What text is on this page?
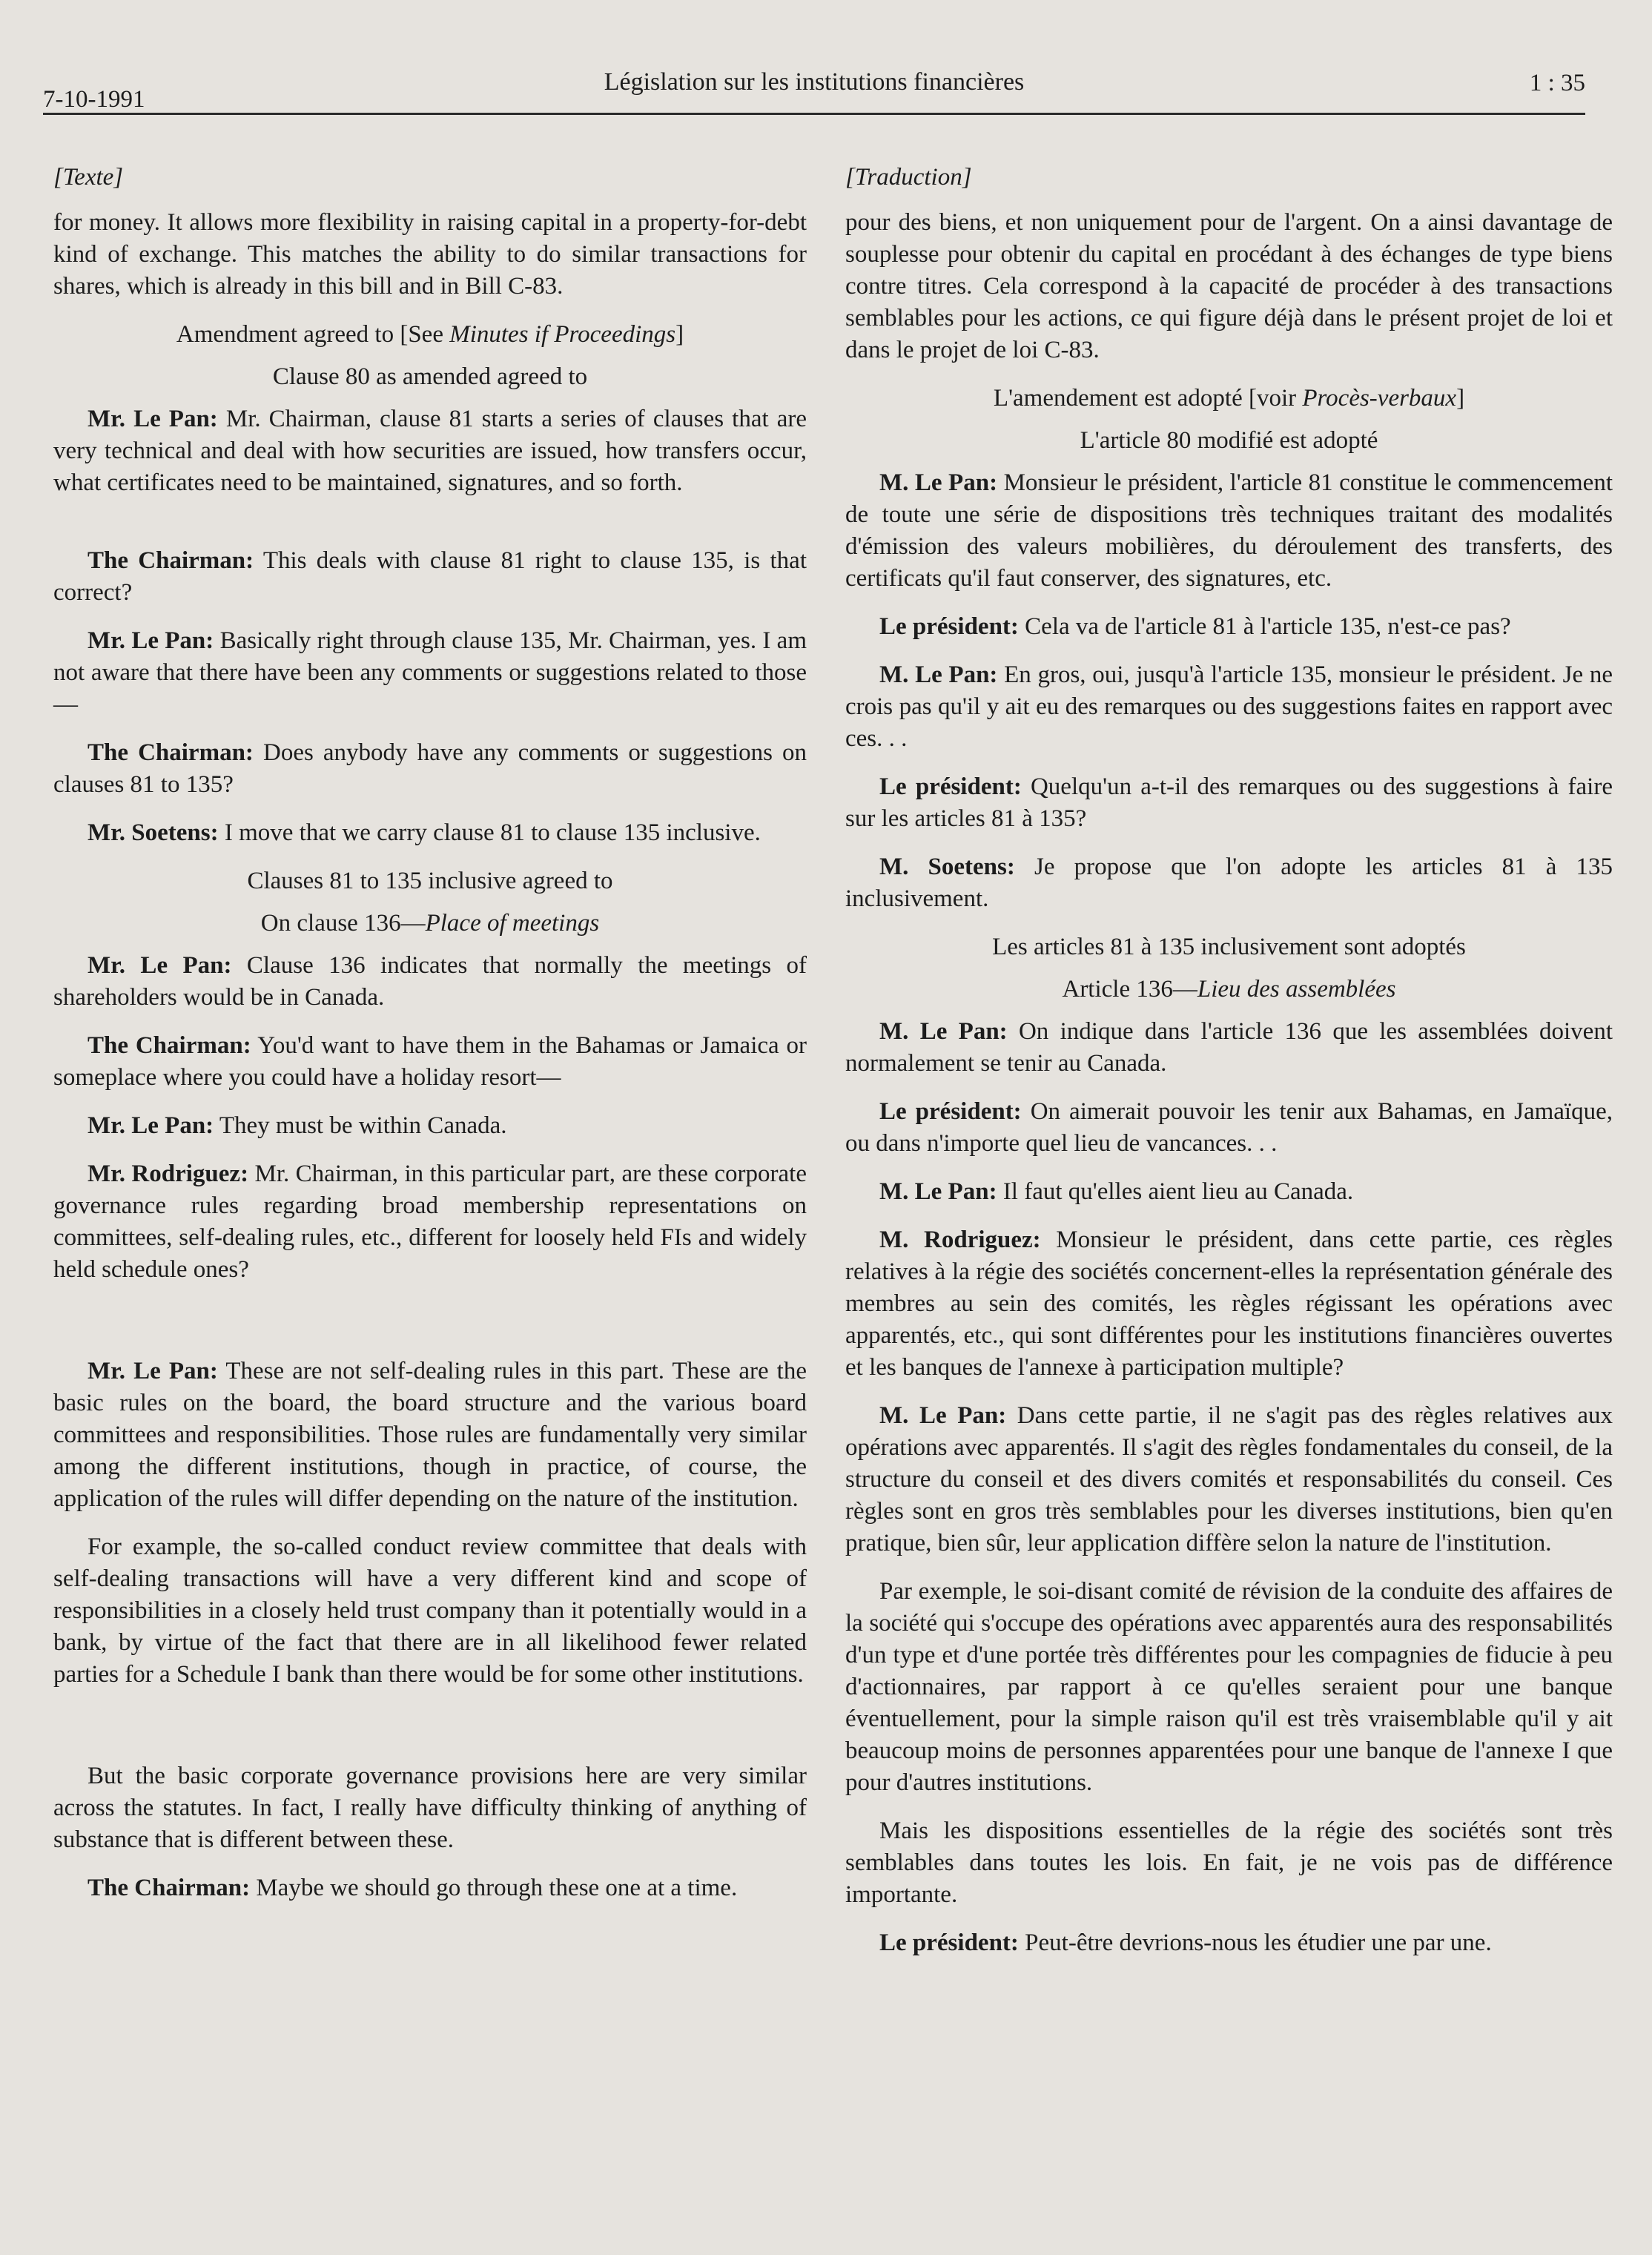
7-10-1991
Législation sur les institutions financières	1 : 35
[Texte]

for money. It allows more flexibility in raising capital in a property-for-debt kind of exchange. This matches the ability to do similar transactions for shares, which is already in this bill and in Bill C-83.

Amendment agreed to [See Minutes if Proceedings]
Clause 80 as amended agreed to

Mr. Le Pan: Mr. Chairman, clause 81 starts a series of clauses that are very technical and deal with how securities are issued, how transfers occur, what certificates need to be maintained, signatures, and so forth.

The Chairman: This deals with clause 81 right to clause 135, is that correct?

Mr. Le Pan: Basically right through clause 135, Mr. Chairman, yes. I am not aware that there have been any comments or suggestions related to those—

The Chairman: Does anybody have any comments or suggestions on clauses 81 to 135?

Mr. Soetens: I move that we carry clause 81 to clause 135 inclusive.

Clauses 81 to 135 inclusive agreed to
On clause 136—Place of meetings

Mr. Le Pan: Clause 136 indicates that normally the meetings of shareholders would be in Canada.

The Chairman: You'd want to have them in the Bahamas or Jamaica or someplace where you could have a holiday resort—

Mr. Le Pan: They must be within Canada.

Mr. Rodriguez: Mr. Chairman, in this particular part, are these corporate governance rules regarding broad membership representations on committees, self-dealing rules, etc., different for loosely held FIs and widely held schedule ones?

Mr. Le Pan: These are not self-dealing rules in this part. These are the basic rules on the board, the board structure and the various board committees and responsibilities. Those rules are fundamentally very similar among the different institutions, though in practice, of course, the application of the rules will differ depending on the nature of the institution.

For example, the so-called conduct review committee that deals with self-dealing transactions will have a very different kind and scope of responsibilities in a closely held trust company than it potentially would in a bank, by virtue of the fact that there are in all likelihood fewer related parties for a Schedule I bank than there would be for some other institutions.

But the basic corporate governance provisions here are very similar across the statutes. In fact, I really have difficulty thinking of anything of substance that is different between these.

The Chairman: Maybe we should go through these one at a time.

[Traduction]

pour des biens, et non uniquement pour de l'argent. On a ainsi davantage de souplesse pour obtenir du capital en procédant à des échanges de type biens contre titres. Cela correspond à la capacité de procéder à des transactions semblables pour les actions, ce qui figure déjà dans le présent projet de loi et dans le projet de loi C-83.

L'amendement est adopté [voir Procès-verbaux]
L'article 80 modifié est adopté

M. Le Pan: Monsieur le président, l'article 81 constitue le commencement de toute une série de dispositions très techniques traitant des modalités d'émission des valeurs mobilières, du déroulement des transferts, des certificats qu'il faut conserver, des signatures, etc.

Le président: Cela va de l'article 81 à l'article 135, n'est-ce pas?

M. Le Pan: En gros, oui, jusqu'à l'article 135, monsieur le président. Je ne crois pas qu'il y ait eu des remarques ou des suggestions faites en rapport avec ces. . .

Le président: Quelqu'un a-t-il des remarques ou des suggestions à faire sur les articles 81 à 135?

M. Soetens: Je propose que l'on adopte les articles 81 à 135 inclusivement.

Les articles 81 à 135 inclusivement sont adoptés
Article 136—Lieu des assemblées

M. Le Pan: On indique dans l'article 136 que les assemblées doivent normalement se tenir au Canada.

Le président: On aimerait pouvoir les tenir aux Bahamas, en Jamaïque, ou dans n'importe quel lieu de vancances. . .

M. Le Pan: Il faut qu'elles aient lieu au Canada.

M. Rodriguez: Monsieur le président, dans cette partie, ces règles relatives à la régie des sociétés concernent-elles la représentation générale des membres au sein des comités, les règles régissant les opérations avec apparentés, etc., qui sont différentes pour les institutions financières ouvertes et les banques de l'annexe à participation multiple?

M. Le Pan: Dans cette partie, il ne s'agit pas des règles relatives aux opérations avec apparentés. Il s'agit des règles fondamentales du conseil, de la structure du conseil et des divers comités et responsabilités du conseil. Ces règles sont en gros très semblables pour les diverses institutions, bien qu'en pratique, bien sûr, leur application diffère selon la nature de l'institution.

Par exemple, le soi-disant comité de révision de la conduite des affaires de la société qui s'occupe des opérations avec apparentés aura des responsabilités d'un type et d'une portée très différentes pour les compagnies de fiducie à peu d'actionnaires, par rapport à ce qu'elles seraient pour une banque éventuellement, pour la simple raison qu'il est très vraisemblable qu'il y ait beaucoup moins de personnes apparentées pour une banque de l'annexe I que pour d'autres institutions.

Mais les dispositions essentielles de la régie des sociétés sont très semblables dans toutes les lois. En fait, je ne vois pas de différence importante.

Le président: Peut-être devrions-nous les étudier une par une.
